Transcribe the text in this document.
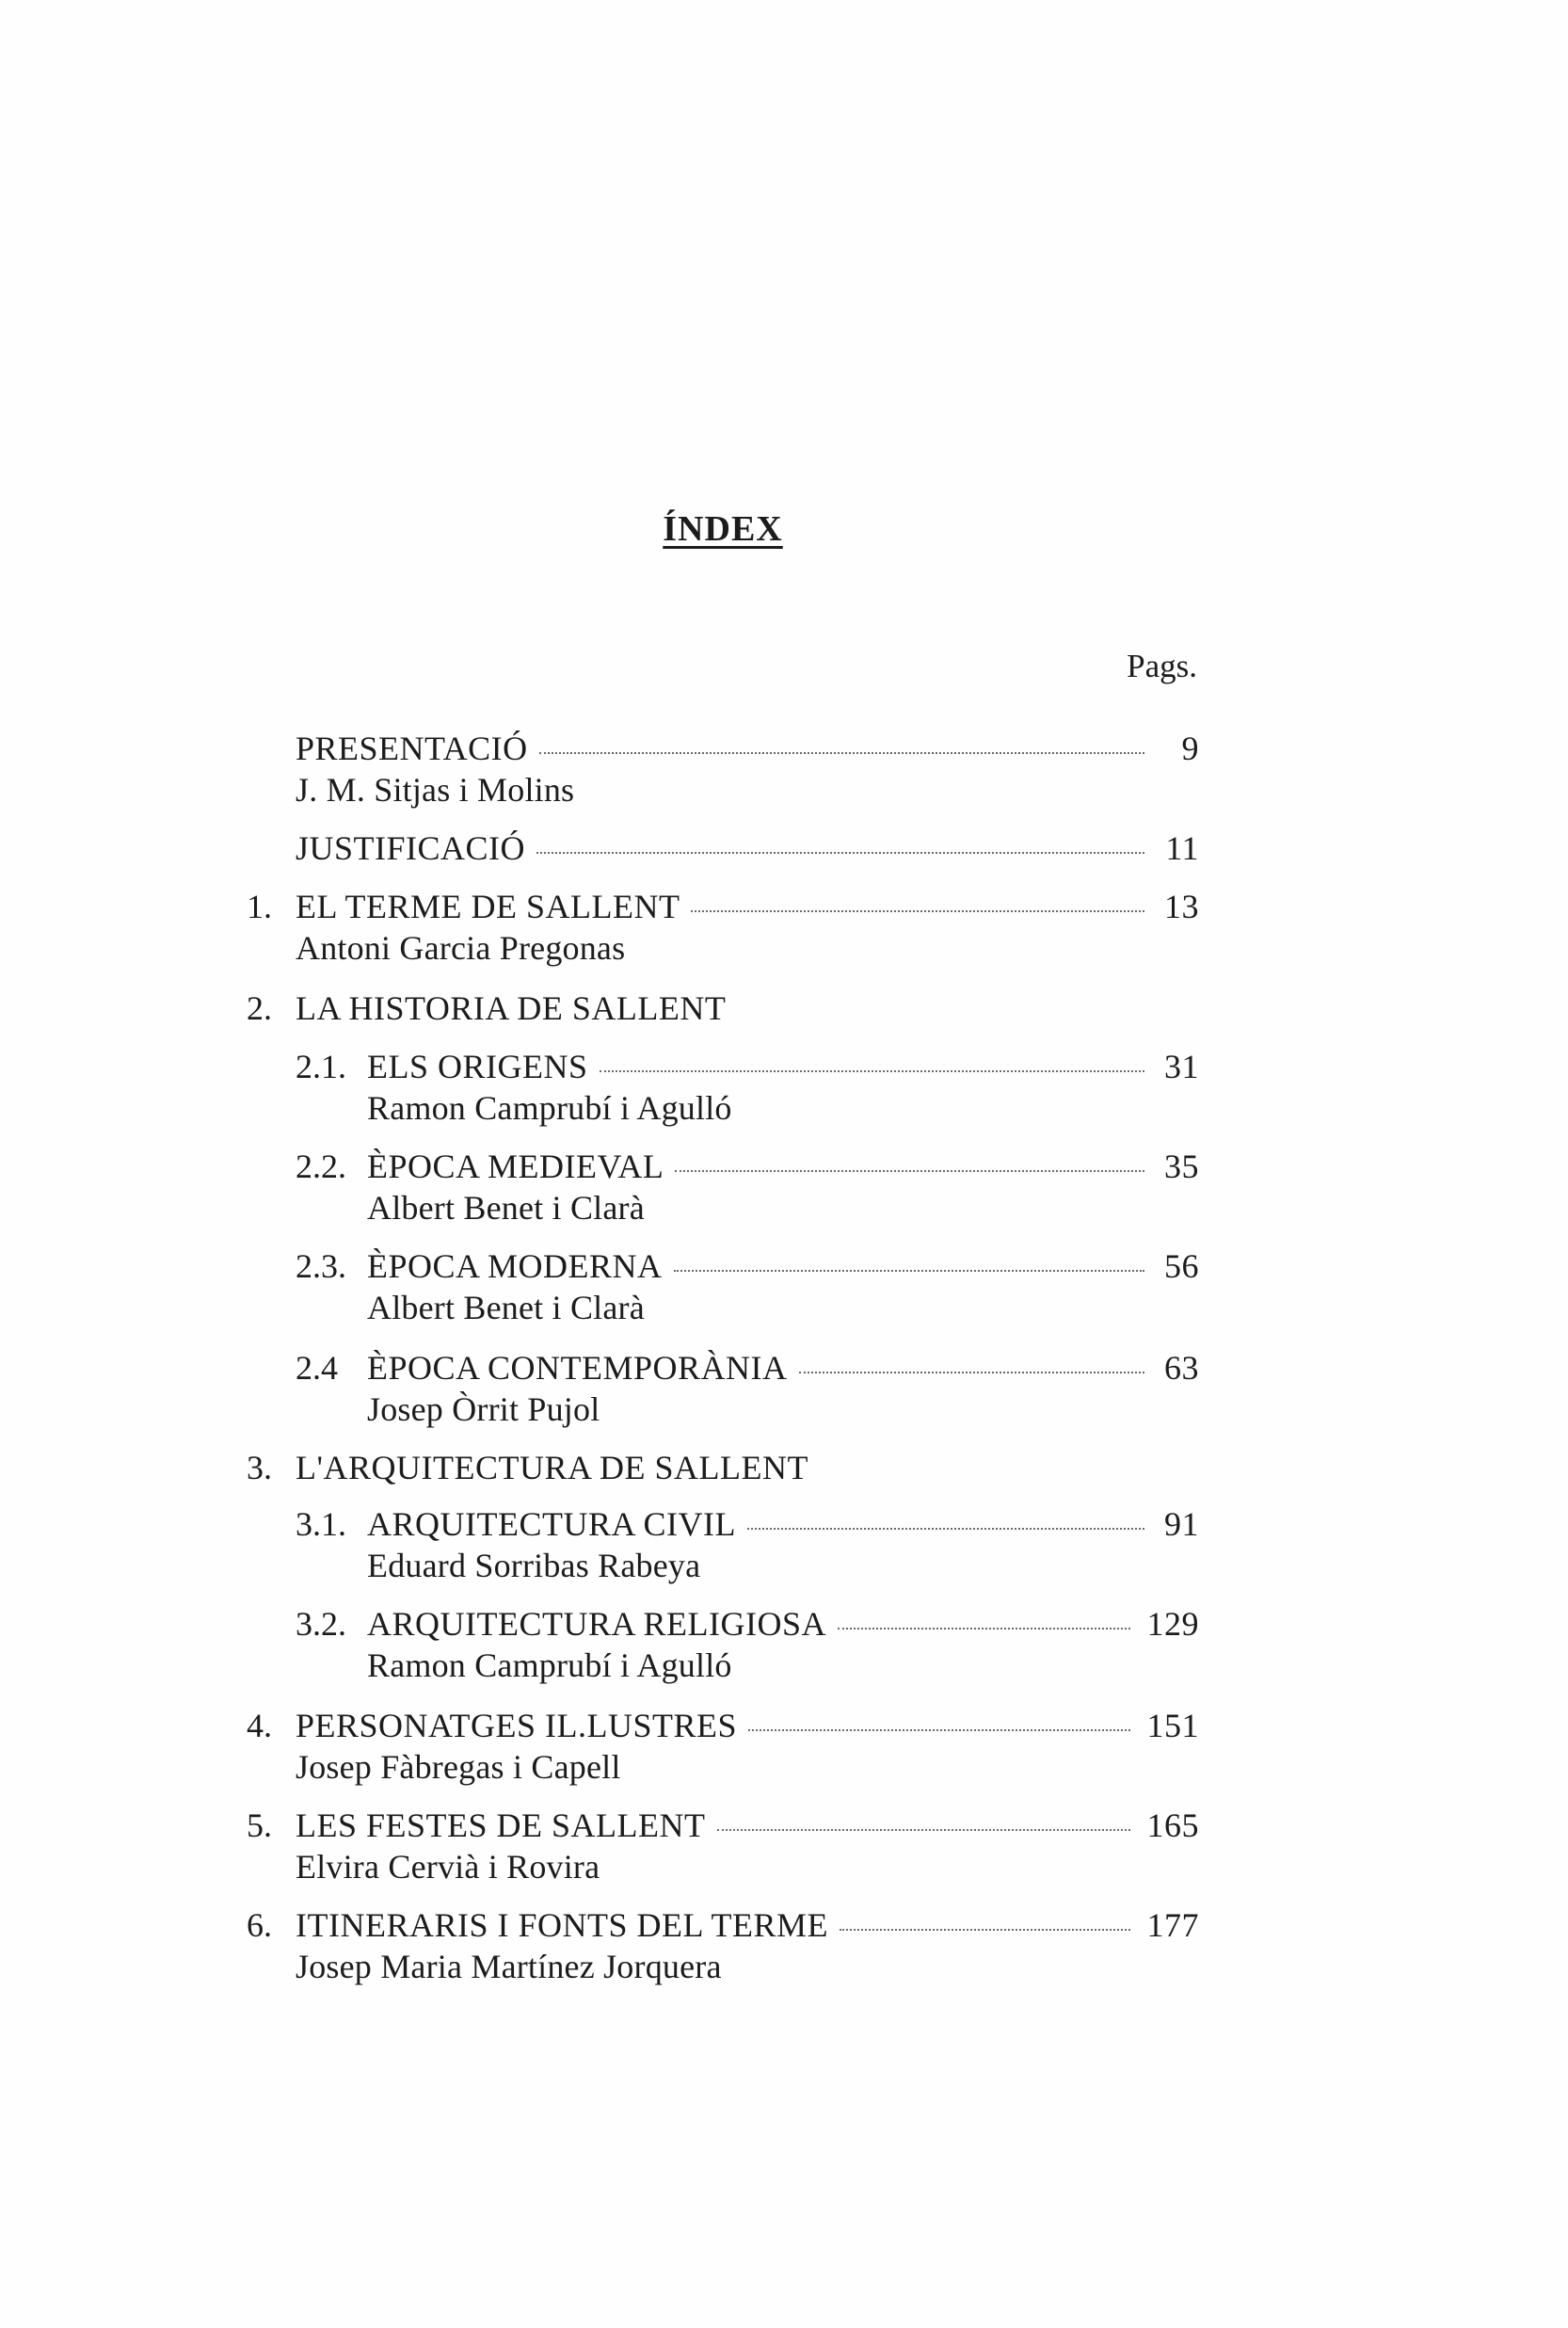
ÍNDEX
Pags.
PRESENTACIÓ	9
J. M. Sitjas i Molins
JUSTIFICACIÓ	11
1. EL TERME DE SALLENT	13
Antoni Garcia Pregonas
2. LA HISTORIA DE SALLENT
2.1. ELS ORIGENS	31
Ramon Camprubí i Agulló
2.2. ÈPOCA MEDIEVAL	35
Albert Benet i Clarà
2.3. ÈPOCA MODERNA	56
Albert Benet i Clarà
2.4 ÈPOCA CONTEMPORÀNIA	63
Josep Òrrit Pujol
3. L'ARQUITECTURA DE SALLENT
3.1. ARQUITECTURA CIVIL	91
Eduard Sorribas Rabeya
3.2. ARQUITECTURA RELIGIOSA	129
Ramon Camprubí i Agulló
4. PERSONATGES IL.LUSTRES	151
Josep Fàbregas i Capell
5. LES FESTES DE SALLENT	165
Elvira Cervià i Rovira
6. ITINERARIS I FONTS DEL TERME	177
Josep Maria Martínez Jorquera
